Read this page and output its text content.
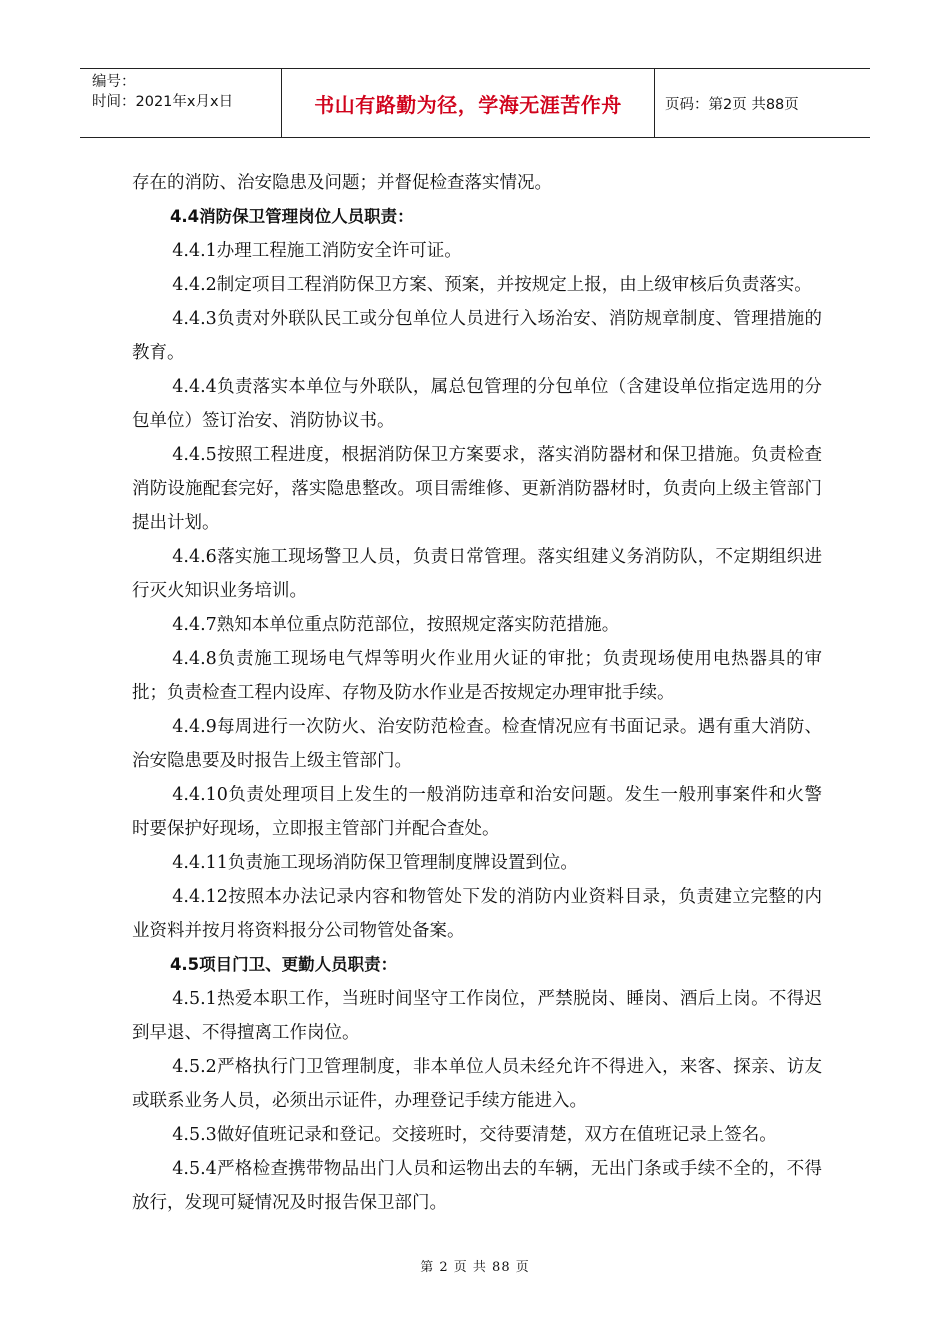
编号：
时间：2021年x月x日	书山有路勤为径，学海无涯苦作舟	页码：第2页 共88页

存在的消防、治安隐患及问题；并督促检查落实情况。

4.4消防保卫管理岗位人员职责：

4.4.1办理工程施工消防安全许可证。

4.4.2制定项目工程消防保卫方案、预案，并按规定上报，由上级审核后负责落实。

4.4.3负责对外联队民工或分包单位人员进行入场治安、消防规章制度、管理措施的教育。

4.4.4负责落实本单位与外联队，属总包管理的分包单位（含建设单位指定选用的分包单位）签订治安、消防协议书。

4.4.5按照工程进度，根据消防保卫方案要求，落实消防器材和保卫措施。负责检查消防设施配套完好，落实隐患整改。项目需维修、更新消防器材时，负责向上级主管部门提出计划。

4.4.6落实施工现场警卫人员，负责日常管理。落实组建义务消防队，不定期组织进行灭火知识业务培训。

4.4.7熟知本单位重点防范部位，按照规定落实防范措施。

4.4.8负责施工现场电气焊等明火作业用火证的审批；负责现场使用电热器具的审批；负责检查工程内设库、存物及防水作业是否按规定办理审批手续。

4.4.9每周进行一次防火、治安防范检查。检查情况应有书面记录。遇有重大消防、治安隐患要及时报告上级主管部门。

4.4.10负责处理项目上发生的一般消防违章和治安问题。发生一般刑事案件和火警时要保护好现场，立即报主管部门并配合查处。

4.4.11负责施工现场消防保卫管理制度牌设置到位。

4.4.12按照本办法记录内容和物管处下发的消防内业资料目录，负责建立完整的内业资料并按月将资料报分公司物管处备案。

4.5项目门卫、更勤人员职责：

4.5.1热爱本职工作，当班时间坚守工作岗位，严禁脱岗、睡岗、酒后上岗。不得迟到早退、不得擅离工作岗位。

4.5.2严格执行门卫管理制度，非本单位人员未经允许不得进入，来客、探亲、访友或联系业务人员，必须出示证件，办理登记手续方能进入。

4.5.3做好值班记录和登记。交接班时，交待要清楚，双方在值班记录上签名。

4.5.4严格检查携带物品出门人员和运物出去的车辆，无出门条或手续不全的，不得放行，发现可疑情况及时报告保卫部门。

第 2 页 共 88 页
